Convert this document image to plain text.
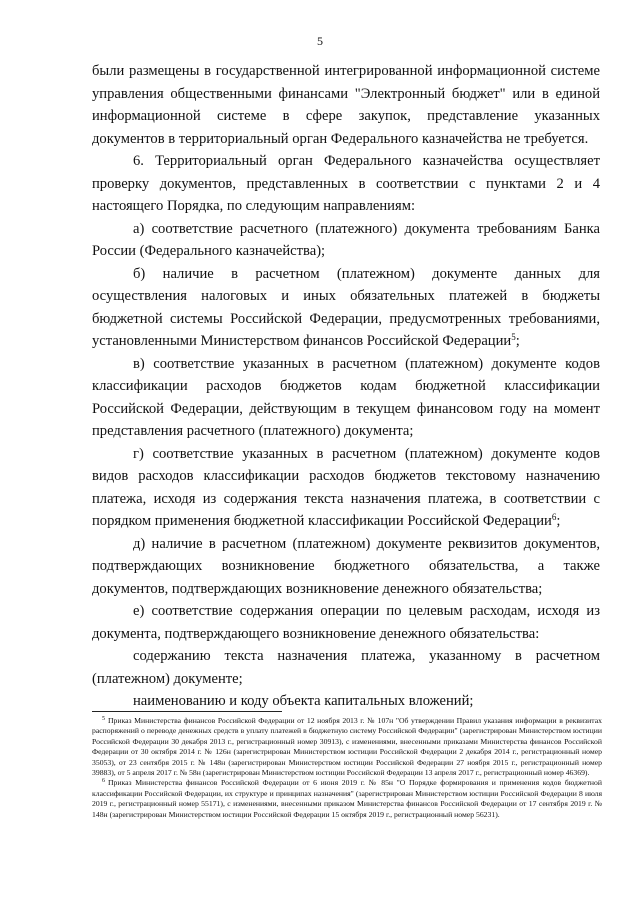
5

были размещены в государственной интегрированной информационной системе управления общественными финансами "Электронный бюджет" или в единой информационной системе в сфере закупок, представление указанных документов в территориальный орган Федерального казначейства не требуется.

6. Территориальный орган Федерального казначейства осуществляет проверку документов, представленных в соответствии с пунктами 2 и 4 настоящего Порядка, по следующим направлениям:

а) соответствие расчетного (платежного) документа требованиям Банка России (Федерального казначейства);

б) наличие в расчетном (платежном) документе данных для осуществления налоговых и иных обязательных платежей в бюджеты бюджетной системы Российской Федерации, предусмотренных требованиями, установленными Министерством финансов Российской Федерации$^5$;

в) соответствие указанных в расчетном (платежном) документе кодов классификации расходов бюджетов кодам бюджетной классификации Российской Федерации, действующим в текущем финансовом году на момент представления расчетного (платежного) документа;

г) соответствие указанных в расчетном (платежном) документе кодов видов расходов классификации расходов бюджетов текстовому назначению платежа, исходя из содержания текста назначения платежа, в соответствии с порядком применения бюджетной классификации Российской Федерации$^6$;

д) наличие в расчетном (платежном) документе реквизитов документов, подтверждающих возникновение бюджетного обязательства, а также документов, подтверждающих возникновение денежного обязательства;

е) соответствие содержания операции по целевым расходам, исходя из документа, подтверждающего возникновение денежного обязательства:

содержанию текста назначения платежа, указанному в расчетном (платежном) документе;

наименованию и коду объекта капитальных вложений;

$^5$ Приказ Министерства финансов Российской Федерации от 12 ноября 2013 г. № 107н "Об утверждении Правил указания информации в реквизитах распоряжений о переводе денежных средств в уплату платежей в бюджетную систему Российской Федерации" (зарегистрирован Министерством юстиции Российской Федерации 30 декабря 2013 г., регистрационный номер 30913), с изменениями, внесенными приказами Министерства финансов Российской Федерации от 30 октября 2014 г. № 126н (зарегистрирован Министерством юстиции Российской Федерации 2 декабря 2014 г., регистрационный номер 35053), от 23 сентября 2015 г. № 148н (зарегистрирован Министерством юстиции Российской Федерации 27 ноября 2015 г., регистрационный номер 39883), от 5 апреля 2017 г. № 58н (зарегистрирован Министерством юстиции Российской Федерации 13 апреля 2017 г., регистрационный номер 46369).

$^6$ Приказ Министерства финансов Российской Федерации от 6 июня 2019 г. № 85н "О Порядке формирования и применения кодов бюджетной классификации Российской Федерации, их структуре и принципах назначения" (зарегистрирован Министерством юстиции Российской Федерации 8 июля 2019 г., регистрационный номер 55171), с изменениями, внесенными приказом Министерства финансов Российской Федерации от 17 сентября 2019 г. № 148н (зарегистрирован Министерством юстиции Российской Федерации 15 октября 2019 г., регистрационный номер 56231).
